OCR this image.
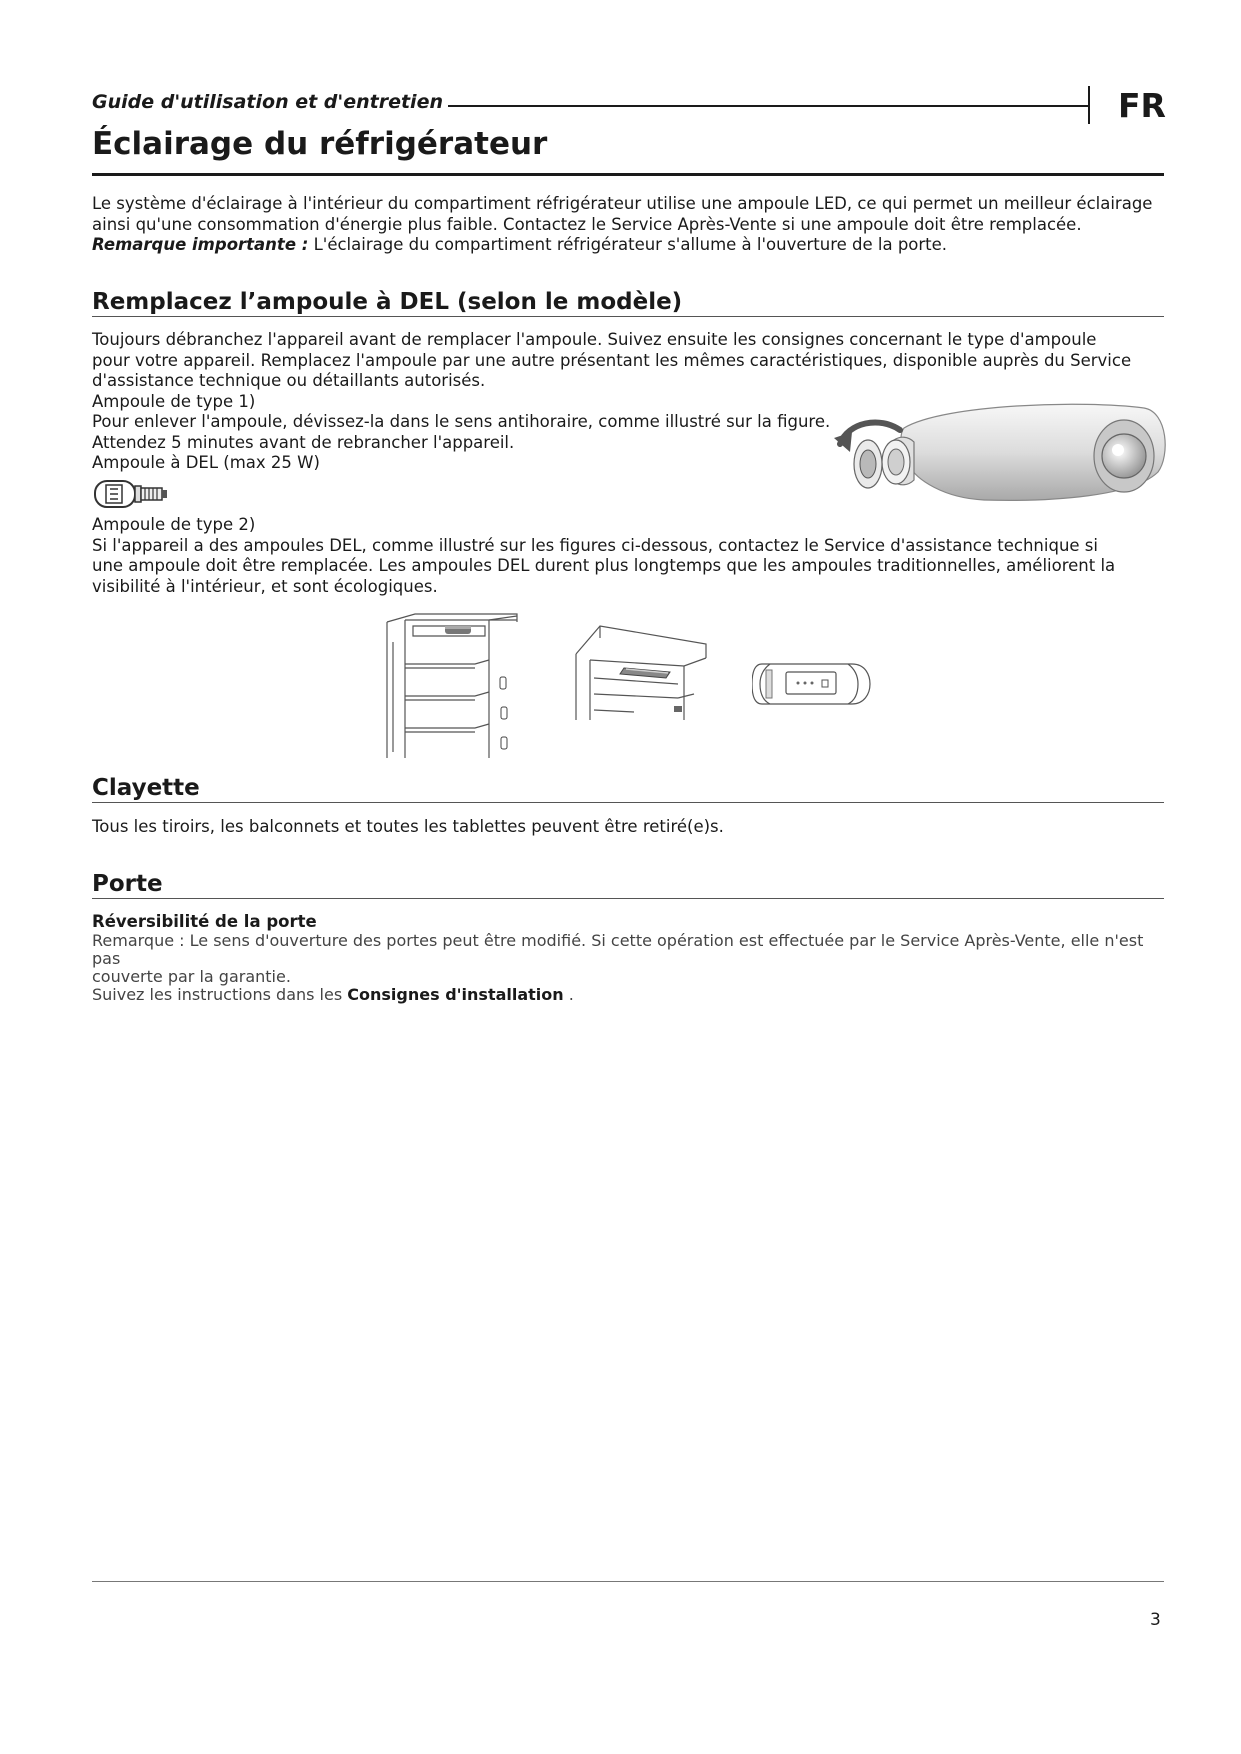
Guide d'utilisation et d'entretien	FR
Éclairage du réfrigérateur

Le système d'éclairage à l'intérieur du compartiment réfrigérateur utilise une ampoule LED, ce qui permet un meilleur éclairage
ainsi qu'une consommation d'énergie plus faible. Contactez le Service Après-Vente si une ampoule doit être remplacée.
Remarque importante : L'éclairage du compartiment réfrigérateur s'allume à l'ouverture de la porte.

Remplacez l’ampoule à DEL (selon le modèle)

Toujours débranchez l'appareil avant de remplacer l'ampoule. Suivez ensuite les consignes concernant le type d'ampoule
pour votre appareil. Remplacez l'ampoule par une autre présentant les mêmes caractéristiques, disponible auprès du Service
d'assistance technique ou détaillants autorisés.
Ampoule de type 1)
Pour enlever l'ampoule, dévissez-la dans le sens antihoraire, comme illustré sur la figure.
Attendez 5 minutes avant de rebrancher l'appareil.
Ampoule à DEL (max 25 W)

Ampoule de type 2)
Si l'appareil a des ampoules DEL, comme illustré sur les figures ci-dessous, contactez le Service d'assistance technique si
une ampoule doit être remplacée. Les ampoules DEL durent plus longtemps que les ampoules traditionnelles, améliorent la
visibilité à l'intérieur, et sont écologiques.

Clayette

Tous les tiroirs, les balconnets et toutes les tablettes peuvent être retiré(e)s.

Porte

Réversibilité de la porte

Remarque : Le sens d'ouverture des portes peut être modifié. Si cette opération est effectuée par le Service Après-Vente, elle n'est pas
couverte par la garantie.
Suivez les instructions dans les Consignes d'installation .

3
